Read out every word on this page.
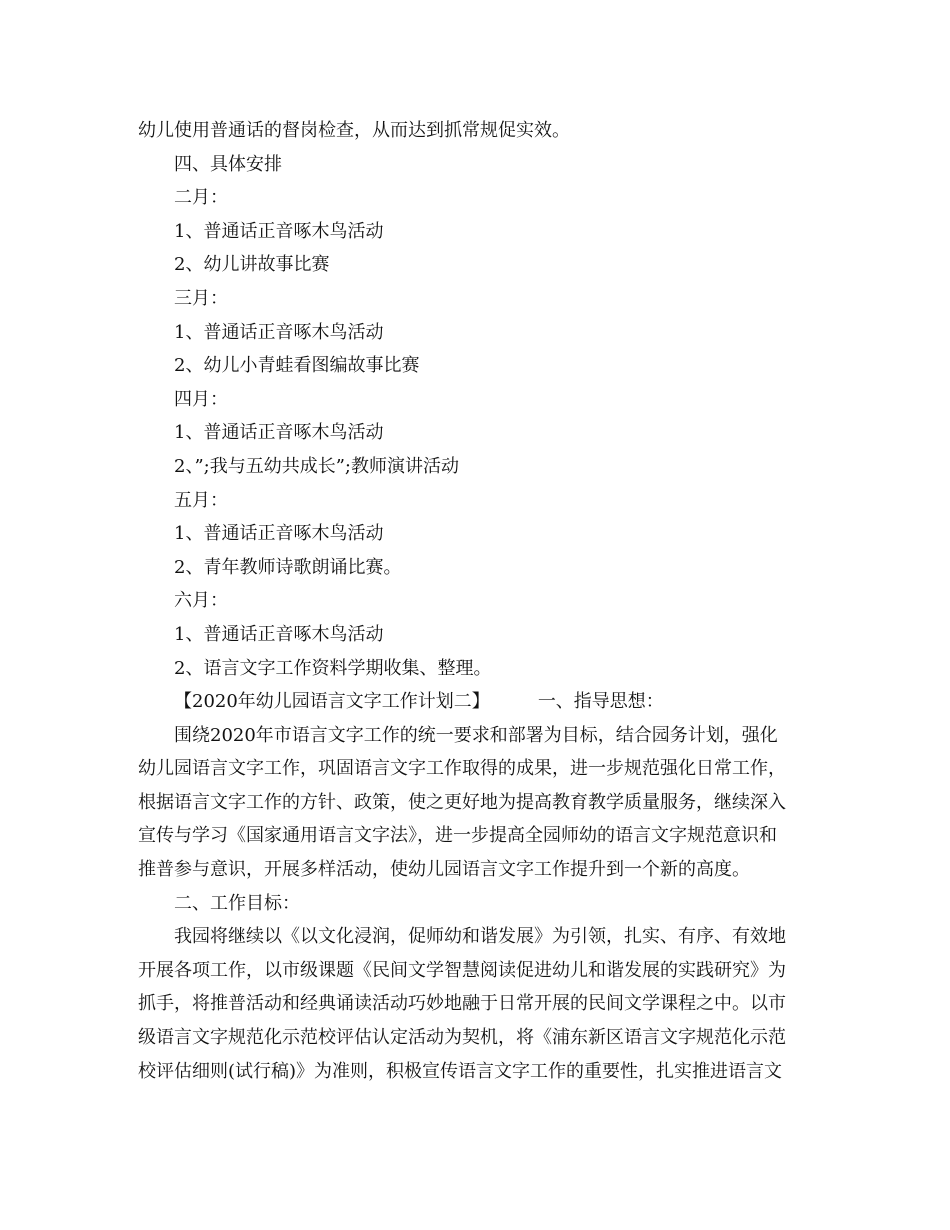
幼儿使用普通话的督岗检查，从而达到抓常规促实效。
四、具体安排
二月：
1、普通话正音啄木鸟活动
2、幼儿讲故事比赛
三月：
1、普通话正音啄木鸟活动
2、幼儿小青蛙看图编故事比赛
四月：
1、普通话正音啄木鸟活动
2、”;我与五幼共成长”;教师演讲活动
五月：
1、普通话正音啄木鸟活动
2、青年教师诗歌朗诵比赛。
六月：
1、普通话正音啄木鸟活动
2、语言文字工作资料学期收集、整理。
【2020年幼儿园语言文字工作计划二】	一、指导思想：
围绕2020年市语言文字工作的统一要求和部署为目标，结合园务计划，强化
幼儿园语言文字工作，巩固语言文字工作取得的成果，进一步规范强化日常工作，
根据语言文字工作的方针、政策，使之更好地为提高教育教学质量服务，继续深入
宣传与学习《国家通用语言文字法》，进一步提高全园师幼的语言文字规范意识和
推普参与意识，开展多样活动，使幼儿园语言文字工作提升到一个新的高度。
二、工作目标：
我园将继续以《以文化浸润，促师幼和谐发展》为引领，扎实、有序、有效地
开展各项工作，以市级课题《民间文学智慧阅读促进幼儿和谐发展的实践研究》为
抓手，将推普活动和经典诵读活动巧妙地融于日常开展的民间文学课程之中。以市
级语言文字规范化示范校评估认定活动为契机，将《浦东新区语言文字规范化示范
校评估细则(试行稿)》为准则，积极宣传语言文字工作的重要性，扎实推进语言文
